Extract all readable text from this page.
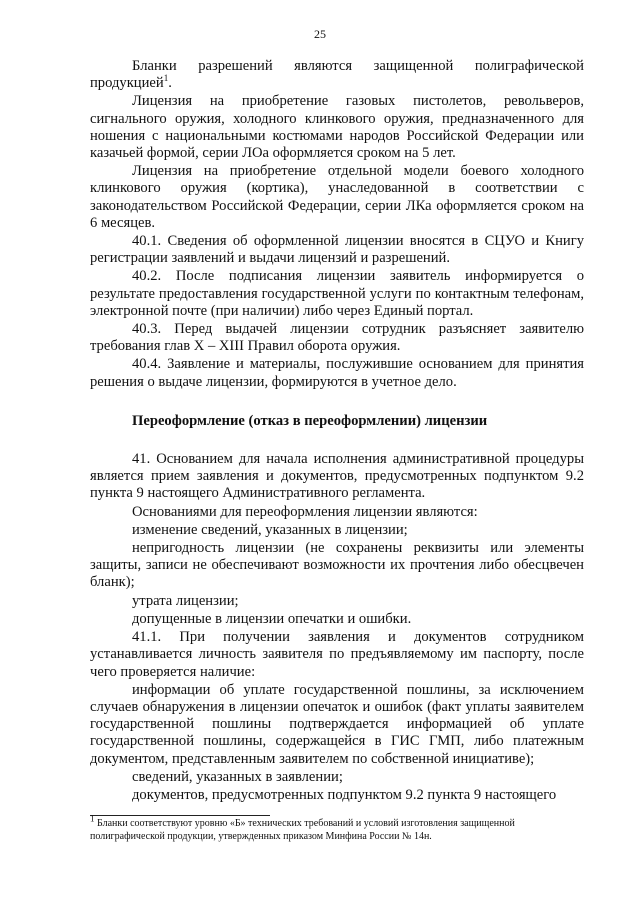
25
Бланки разрешений являются защищенной полиграфической продукцией$^1$.
Лицензия на приобретение газовых пистолетов, револьверов, сигнального оружия, холодного клинкового оружия, предназначенного для ношения с национальными костюмами народов Российской Федерации или казачьей формой, серии ЛОа оформляется сроком на 5 лет.
Лицензия на приобретение отдельной модели боевого холодного клинкового оружия (кортика), унаследованной в соответствии с законодательством Российской Федерации, серии ЛКа оформляется сроком на 6 месяцев.
40.1. Сведения об оформленной лицензии вносятся в СЦУО и Книгу регистрации заявлений и выдачи лицензий и разрешений.
40.2. После подписания лицензии заявитель информируется о результате предоставления государственной услуги по контактным телефонам, электронной почте (при наличии) либо через Единый портал.
40.3. Перед выдачей лицензии сотрудник разъясняет заявителю требования глав X – XIII Правил оборота оружия.
40.4. Заявление и материалы, послужившие основанием для принятия решения о выдаче лицензии, формируются в учетное дело.
Переоформление (отказ в переоформлении) лицензии
41. Основанием для начала исполнения административной процедуры является прием заявления и документов, предусмотренных подпунктом 9.2 пункта 9 настоящего Административного регламента.
Основаниями для переоформления лицензии являются:
изменение сведений, указанных в лицензии;
непригодность лицензии (не сохранены реквизиты или элементы защиты, записи не обеспечивают возможности их прочтения либо обесцвечен бланк);
утрата лицензии;
допущенные в лицензии опечатки и ошибки.
41.1. При получении заявления и документов сотрудником устанавливается личность заявителя по предъявляемому им паспорту, после чего проверяется наличие:
информации об уплате государственной пошлины, за исключением случаев обнаружения в лицензии опечаток и ошибок (факт уплаты заявителем государственной пошлины подтверждается информацией об уплате государственной пошлины, содержащейся в ГИС ГМП, либо платежным документом, представленным заявителем по собственной инициативе);
сведений, указанных в заявлении;
документов, предусмотренных подпунктом 9.2 пункта 9 настоящего
$^1$ Бланки соответствуют уровню «Б» технических требований и условий изготовления защищенной полиграфической продукции, утвержденных приказом Минфина России № 14н.
